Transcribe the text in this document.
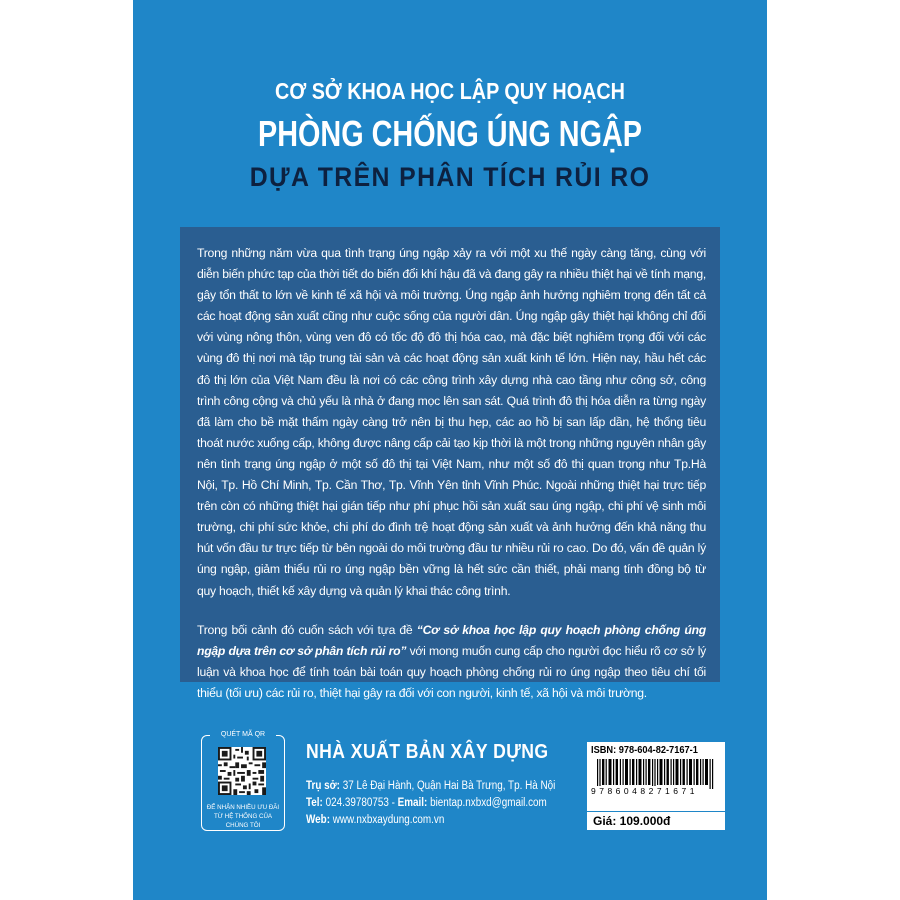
CƠ SỞ KHOA HỌC LẬP QUY HOẠCH
PHÒNG CHỐNG ÚNG NGẬP
DỰA TRÊN PHÂN TÍCH RỦI RO

Trong những năm vừa qua tình trạng úng ngập xảy ra với một xu thế ngày càng tăng, cùng với diễn biến phức tạp của thời tiết do biến đổi khí hậu đã và đang gây ra nhiều thiệt hại về tính mạng, gây tổn thất to lớn về kinh tế xã hội và môi trường. Úng ngập ảnh hưởng nghiêm trọng đến tất cả các hoạt động sản xuất cũng như cuộc sống của người dân. Úng ngập gây thiệt hại không chỉ đối với vùng nông thôn, vùng ven đô có tốc độ đô thị hóa cao, mà đặc biệt nghiêm trọng đối với các vùng đô thị nơi mà tập trung tài sản và các hoạt động sản xuất kinh tế lớn. Hiện nay, hầu hết các đô thị lớn của Việt Nam đều là nơi có các công trình xây dựng nhà cao tầng như công sở, công trình công cộng và chủ yếu là nhà ở đang mọc lên san sát. Quá trình đô thị hóa diễn ra từng ngày đã làm cho bề mặt thấm ngày càng trở nên bị thu hẹp, các ao hồ bị san lấp dần, hệ thống tiêu thoát nước xuống cấp, không được nâng cấp cải tạo kịp thời là một trong những nguyên nhân gây nên tình trạng úng ngập ở một số đô thị tại Việt Nam, như một số đô thị quan trọng như Tp.Hà Nội, Tp. Hồ Chí Minh, Tp. Cần Thơ, Tp. Vĩnh Yên tỉnh Vĩnh Phúc. Ngoài những thiệt hại trực tiếp trên còn có những thiệt hại gián tiếp như phí phục hồi sản xuất sau úng ngập, chi phí vệ sinh môi trường, chi phí sức khỏe, chi phí do đình trệ hoạt động sản xuất và ảnh hưởng đến khả năng thu hút vốn đầu tư trực tiếp từ bên ngoài do môi trường đầu tư nhiều rủi ro cao. Do đó, vấn đề quản lý úng ngập, giảm thiểu rủi ro úng ngập bền vững là hết sức cần thiết, phải mang tính đồng bộ từ quy hoạch, thiết kế xây dựng và quản lý khai thác công trình.

Trong bối cảnh đó cuốn sách với tựa đề “Cơ sở khoa học lập quy hoạch phòng chống úng ngập dựa trên cơ sở phân tích rủi ro” với mong muốn cung cấp cho người đọc hiểu rõ cơ sở lý luận và khoa học để tính toán bài toán quy hoạch phòng chống rủi ro úng ngập theo tiêu chí tối thiểu (tối ưu) các rủi ro, thiệt hại gây ra đối với con người, kinh tế, xã hội và môi trường.

QUÉT MÃ QR
ĐỂ NHẬN NHIỀU ƯU ĐÃI TỪ HỆ THỐNG CỦA CHÚNG TÔI
NHÀ XUẤT BẢN XÂY DỰNG
Trụ sở: 37 Lê Đại Hành, Quận Hai Bà Trưng, Tp. Hà Nội
Tel: 024.39780753 - Email: bientap.nxbxd@gmail.com
Web: www.nxbxaydung.com.vn
ISBN: 978-604-82-7167-1
9786048271671
Giá: 109.000đ
